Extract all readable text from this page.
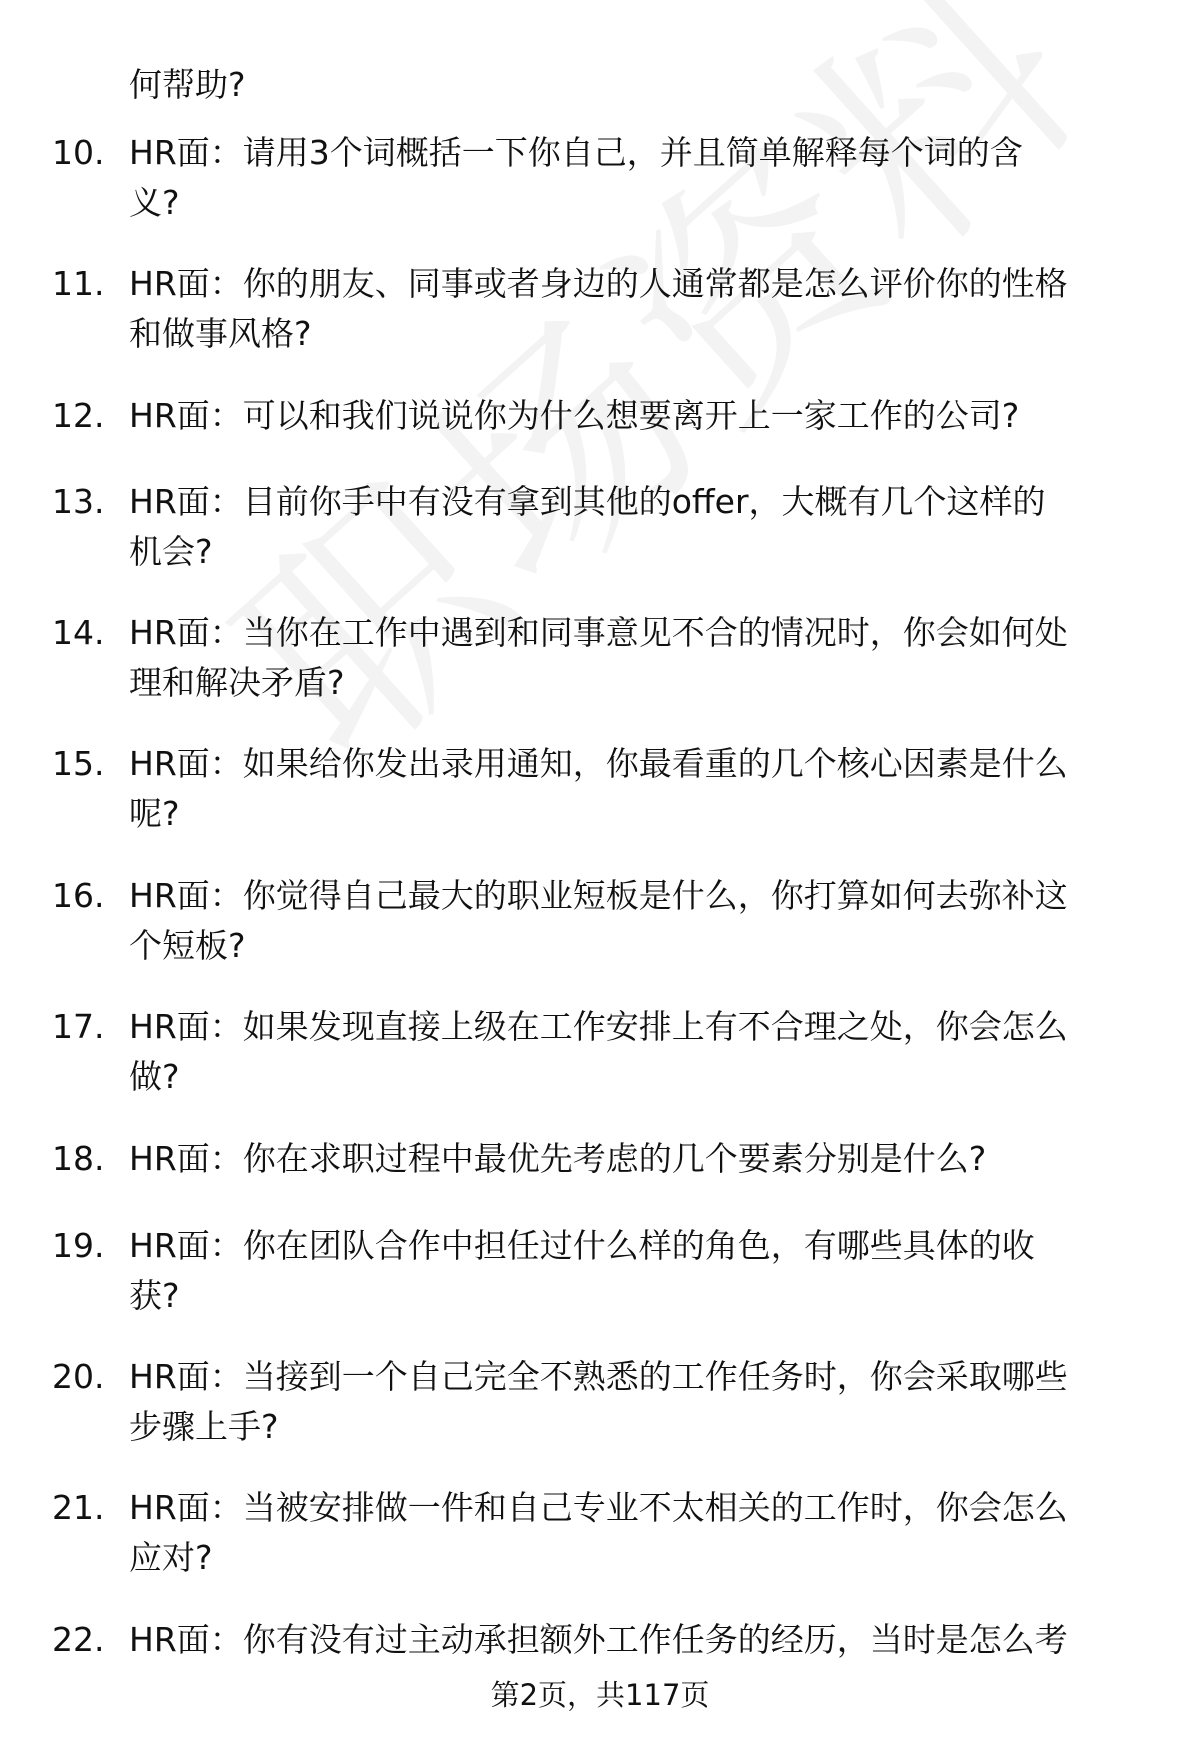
何帮助?
10. HR面：请用3个词概括一下你自己，并且简单解释每个词的含
义?
11. HR面：你的朋友、同事或者身边的人通常都是怎么评价你的性格
和做事风格?
12. HR面：可以和我们说说你为什么想要离开上一家工作的公司?
13. HR面：目前你手中有没有拿到其他的offer，大概有几个这样的
机会?
14. HR面：当你在工作中遇到和同事意见不合的情况时，你会如何处
理和解决矛盾?
15. HR面：如果给你发出录用通知，你最看重的几个核心因素是什么
呢?
16. HR面：你觉得自己最大的职业短板是什么，你打算如何去弥补这
个短板?
17. HR面：如果发现直接上级在工作安排上有不合理之处，你会怎么
做?
18. HR面：你在求职过程中最优先考虑的几个要素分别是什么?
19. HR面：你在团队合作中担任过什么样的角色，有哪些具体的收
获?
20. HR面：当接到一个自己完全不熟悉的工作任务时，你会采取哪些
步骤上手?
21. HR面：当被安排做一件和自己专业不太相关的工作时，你会怎么
应对?
22. HR面：你有没有过主动承担额外工作任务的经历，当时是怎么考
第2页，共117页
